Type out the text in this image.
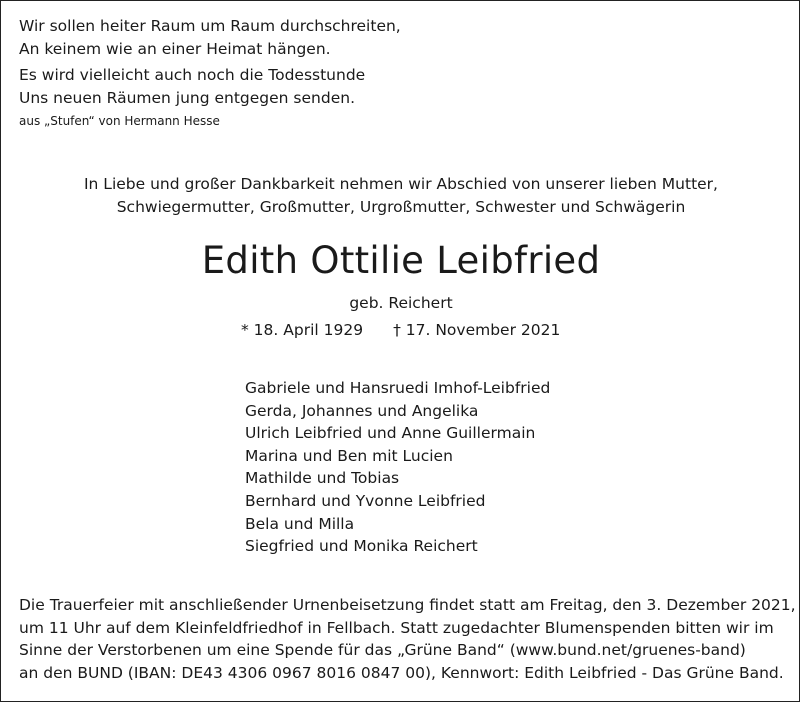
Wir sollen heiter Raum um Raum durchschreiten,

An keinem wie an einer Heimat hängen.

Es wird vielleicht auch noch die Todesstunde

Uns neuen Räumen jung entgegen senden.

aus „Stufen“ von Hermann Hesse

In Liebe und großer Dankbarkeit nehmen wir Abschied von unserer lieben Mutter,

Schwiegermutter, Großmutter, Urgroßmutter, Schwester und Schwägerin

Edith Ottilie Leibfried
geb. Reichert
* 18. April 1929 † 17. November 2021
Gabriele und Hansruedi Imhof-Leibfried
Gerda, Johannes und Angelika
Ulrich Leibfried und Anne Guillermain
Marina und Ben mit Lucien
Mathilde und Tobias
Bernhard und Yvonne Leibfried
Bela und Milla
Siegfried und Monika Reichert

Die Trauerfeier mit anschließender Urnenbeisetzung findet statt am Freitag, den 3. Dezember 2021,

um 11 Uhr auf dem Kleinfeldfriedhof in Fellbach. Statt zugedachter Blumenspenden bitten wir im

Sinne der Verstorbenen um eine Spende für das „Grüne Band“ (www.bund.net/gruenes-band)

an den BUND (IBAN: DE43 4306 0967 8016 0847 00), Kennwort: Edith Leibfried - Das Grüne Band.
